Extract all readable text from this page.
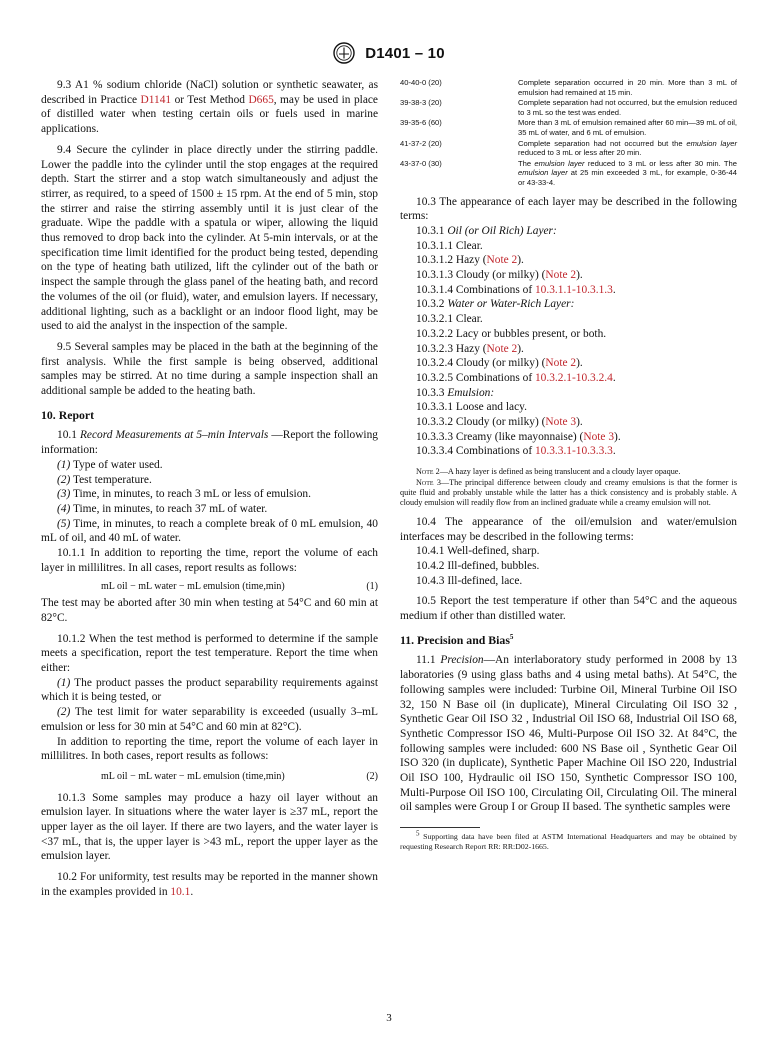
D1401 – 10

9.3 A1 % sodium chloride (NaCl) solution or synthetic seawater, as described in Practice D1141 or Test Method D665, may be used in place of distilled water when testing certain oils or fuels used in marine applications.

9.4 Secure the cylinder in place directly under the stirring paddle. Lower the paddle into the cylinder until the stop engages at the required depth. Start the stirrer and a stop watch simultaneously and adjust the stirrer, as required, to a speed of 1500 ± 15 rpm. At the end of 5 min, stop the stirrer and raise the stirring assembly until it is just clear of the graduate. Wipe the paddle with a spatula or wiper, allowing the liquid thus removed to drop back into the cylinder. At 5-min intervals, or at the specification time limit identified for the product being tested, depending on the type of heating bath utilized, lift the cylinder out of the bath or inspect the sample through the glass panel of the heating bath, and record the volumes of the oil (or fluid), water, and emulsion layers. If necessary, additional lighting, such as a backlight or an indoor flood light, may be used to aid the analyst in the inspection of the sample.

9.5 Several samples may be placed in the bath at the beginning of the first analysis. While the first sample is being observed, additional samples may be stirred. At no time during a sample inspection shall an additional sample be added to the heating bath.

10. Report

10.1 Record Measurements at 5–min Intervals —Report the following information:

(1) Type of water used.

(2) Test temperature.

(3) Time, in minutes, to reach 3 mL or less of emulsion.

(4) Time, in minutes, to reach 37 mL of water.

(5) Time, in minutes, to reach a complete break of 0 mL emulsion, 40 mL of oil, and 40 mL of water.

10.1.1 In addition to reporting the time, report the volume of each layer in millilitres. In all cases, report results as follows:

mL oil − mL water − mL emulsion (time,min)	(1)

The test may be aborted after 30 min when testing at 54°C and 60 min at 82°C.

10.1.2 When the test method is performed to determine if the sample meets a specification, report the test temperature. Report the time when either:

(1) The product passes the product separability requirements against which it is being tested, or

(2) The test limit for water separability is exceeded (usually 3–mL emulsion or less for 30 min at 54°C and 60 min at 82°C).

In addition to reporting the time, report the volume of each layer in millilitres. In both cases, report results as follows:

mL oil − mL water − mL emulsion (time,min)	(2)

10.1.3 Some samples may produce a hazy oil layer without an emulsion layer. In situations where the water layer is ≥37 mL, report the upper layer as the oil layer. If there are two layers, and the water layer is <37 mL, that is, the upper layer is >43 mL, report the upper layer as the emulsion layer.

10.2 For uniformity, test results may be reported in the manner shown in the examples provided in 10.1.

40-40-0 (20)	Complete separation occurred in 20 min. More than 3 mL of emulsion had remained at 15 min.
39-38-3 (20)	Complete separation had not occurred, but the emulsion reduced to 3 mL so the test was ended.
39-35-6 (60)	More than 3 mL of emulsion remained after 60 min—39 mL of oil, 35 mL of water, and 6 mL of emulsion.
41-37-2 (20)	Complete separation had not occurred but the emulsion layer reduced to 3 mL or less after 20 min.
43-37-0 (30)	The emulsion layer reduced to 3 mL or less after 30 min. The emulsion layer at 25 min exceeded 3 mL, for example, 0-36-44 or 43-33-4.

10.3 The appearance of each layer may be described in the following terms:

10.3.1 Oil (or Oil Rich) Layer:

10.3.1.1 Clear.

10.3.1.2 Hazy (Note 2).

10.3.1.3 Cloudy (or milky) (Note 2).

10.3.1.4 Combinations of 10.3.1.1-10.3.1.3.

10.3.2 Water or Water-Rich Layer:

10.3.2.1 Clear.

10.3.2.2 Lacy or bubbles present, or both.

10.3.2.3 Hazy (Note 2).

10.3.2.4 Cloudy (or milky) (Note 2).

10.3.2.5 Combinations of 10.3.2.1-10.3.2.4.

10.3.3 Emulsion:

10.3.3.1 Loose and lacy.

10.3.3.2 Cloudy (or milky) (Note 3).

10.3.3.3 Creamy (like mayonnaise) (Note 3).

10.3.3.4 Combinations of 10.3.3.1-10.3.3.3.

Note 2—A hazy layer is defined as being translucent and a cloudy layer opaque.

Note 3—The principal difference between cloudy and creamy emulsions is that the former is quite fluid and probably unstable while the latter has a thick consistency and is probably stable. A cloudy emulsion will readily flow from an inclined graduate while a creamy emulsion will not.

10.4 The appearance of the oil/emulsion and water/emulsion interfaces may be described in the following terms:

10.4.1 Well-defined, sharp.

10.4.2 Ill-defined, bubbles.

10.4.3 Ill-defined, lace.

10.5 Report the test temperature if other than 54°C and the aqueous medium if other than distilled water.

11. Precision and Bias$^5$

11.1 Precision—An interlaboratory study performed in 2008 by 13 laboratories (9 using glass baths and 4 using metal baths). At 54°C, the following samples were included: Turbine Oil, Mineral Turbine Oil ISO 32, 150 N Base oil (in duplicate), Mineral Circulating Oil ISO 32 , Synthetic Gear Oil ISO 32 , Industrial Oil ISO 68, Industrial Oil ISO 68, Synthetic Compressor ISO 46, Multi-Purpose Oil ISO 32. At 84°C, the following samples were included: 600 NS Base oil , Synthetic Gear Oil ISO 320 (in duplicate), Synthetic Paper Machine Oil ISO 220, Industrial Oil ISO 100, Hydraulic oil ISO 150, Synthetic Compressor ISO 100, Multi-Purpose Oil ISO 100, Circulating Oil, Circulating Oil. The mineral oil samples were Group I or Group II based. The synthetic samples were

$^5$ Supporting data have been filed at ASTM International Headquarters and may be obtained by requesting Research Report RR: RR:D02-1665.

3
